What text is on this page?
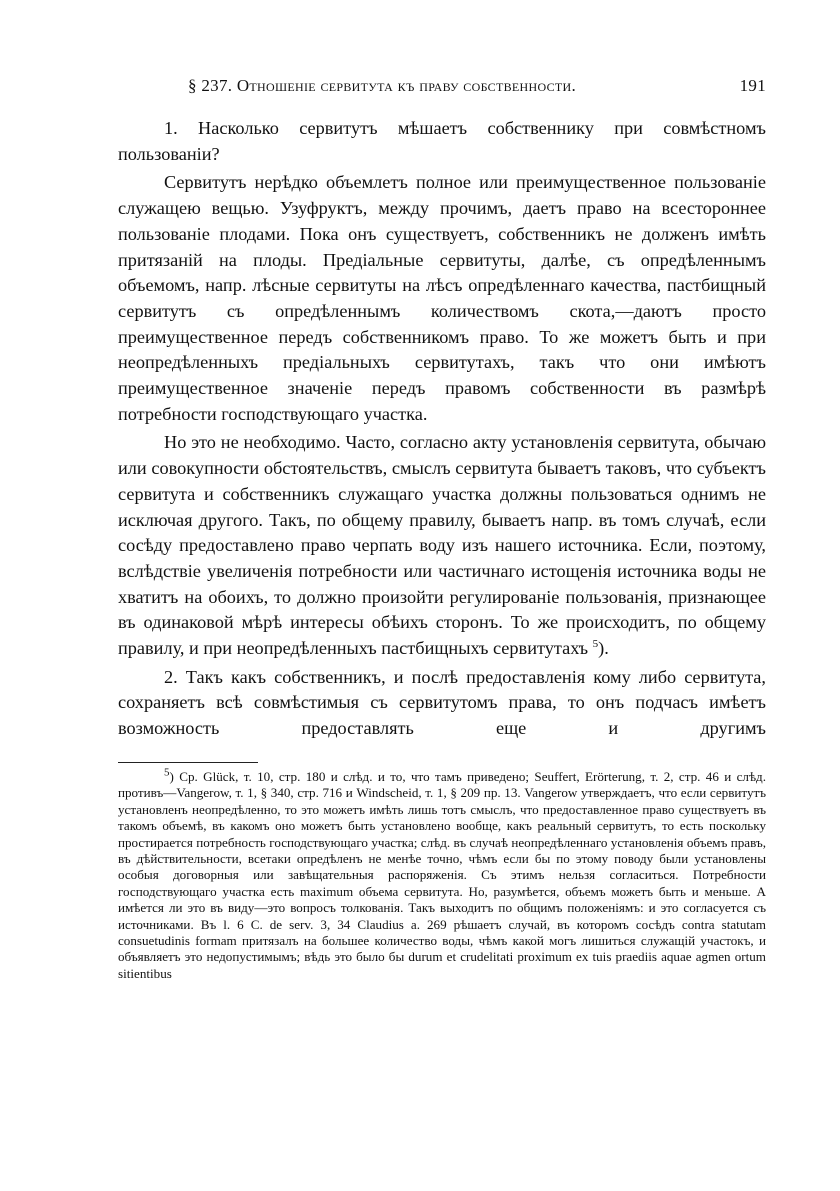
§ 237. Отношеніе сервитута къ праву собственности.	191

1. Насколько сервитутъ мѣшаетъ собственнику при совмѣстномъ пользованіи?

Сервитутъ нерѣдко объемлетъ полное или преимущественное пользованіе служащею вещью. Узуфруктъ, между прочимъ, даетъ право на всестороннее пользованіе плодами. Пока онъ существуетъ, собственникъ не долженъ имѣть притязаній на плоды. Предіальные сервитуты, далѣе, съ опредѣленнымъ объемомъ, напр. лѣсные сервитуты на лѣсъ опредѣленнаго качества, пастбищный сервитутъ съ опредѣленнымъ количествомъ скота,—даютъ просто преимущественное передъ собственникомъ право. То же можетъ быть и при неопредѣленныхъ предіальныхъ сервитутахъ, такъ что они имѣютъ преимущественное значеніе передъ правомъ собственности въ размѣрѣ потребности господствующаго участка.

Но это не необходимо. Часто, согласно акту установленія сервитута, обычаю или совокупности обстоятельствъ, смыслъ сервитута бываетъ таковъ, что субъектъ сервитута и собственникъ служащаго участка должны пользоваться однимъ не исключая другого. Такъ, по общему правилу, бываетъ напр. въ томъ случаѣ, если сосѣду предоставлено право черпать воду изъ нашего источника. Если, поэтому, вслѣдствіе увеличенія потребности или частичнаго истощенія источника воды не хватитъ на обоихъ, то должно произойти регулированіе пользованія, признающее въ одинаковой мѣрѣ интересы обѣихъ сторонъ. То же происходитъ, по общему правилу, и при неопредѣленныхъ пастбищныхъ сервитутахъ $^5$).

2. Такъ какъ собственникъ, и послѣ предоставленія кому либо сервитута, сохраняетъ всѣ совмѣстимыя съ сервитутомъ права, то онъ подчасъ имѣетъ возможность предоставлять еще и другимъ

$^5$) Cp. Glück, т. 10, стр. 180 и слѣд. и то, что тамъ приведено; Seuffert, Erörterung, т. 2, стр. 46 и слѣд. противъ—Vangerow, т. 1, § 340, стр. 716 и Windscheid, т. 1, § 209 пр. 13. Vangerow утверждаетъ, что если сервитутъ установленъ неопредѣленно, то это можетъ имѣть лишь тотъ смыслъ, что предоставленное право существуетъ въ такомъ объемѣ, въ какомъ оно можетъ быть установлено вообще, какъ реальный сервитутъ, то есть поскольку простирается потребность господствующаго участка; слѣд. въ случаѣ неопредѣленнаго установленія объемъ правъ, въ дѣйствительности, всетаки опредѣленъ не менѣе точно, чѣмъ если бы по этому поводу были установлены особыя договорныя или завѣщательныя распоряженія. Съ этимъ нельзя согласиться. Потребности господствующаго участка есть maximum объема сервитута. Но, разумѣется, объемъ можетъ быть и меньше. А имѣется ли это въ виду—это вопросъ толкованія. Такъ выходитъ по общимъ положеніямъ: и это согласуется съ источниками. Въ l. 6 C. de serv. 3, 34 Claudius a. 269 рѣшаетъ случай, въ которомъ сосѣдъ contra statutam consuetudinis formam притязалъ на большее количество воды, чѣмъ какой могъ лишиться служащій участокъ, и объявляетъ это недопустимымъ; вѣдь это было бы durum et crudelitati proximum ex tuis praediis aquae agmen ortum sitientibus
